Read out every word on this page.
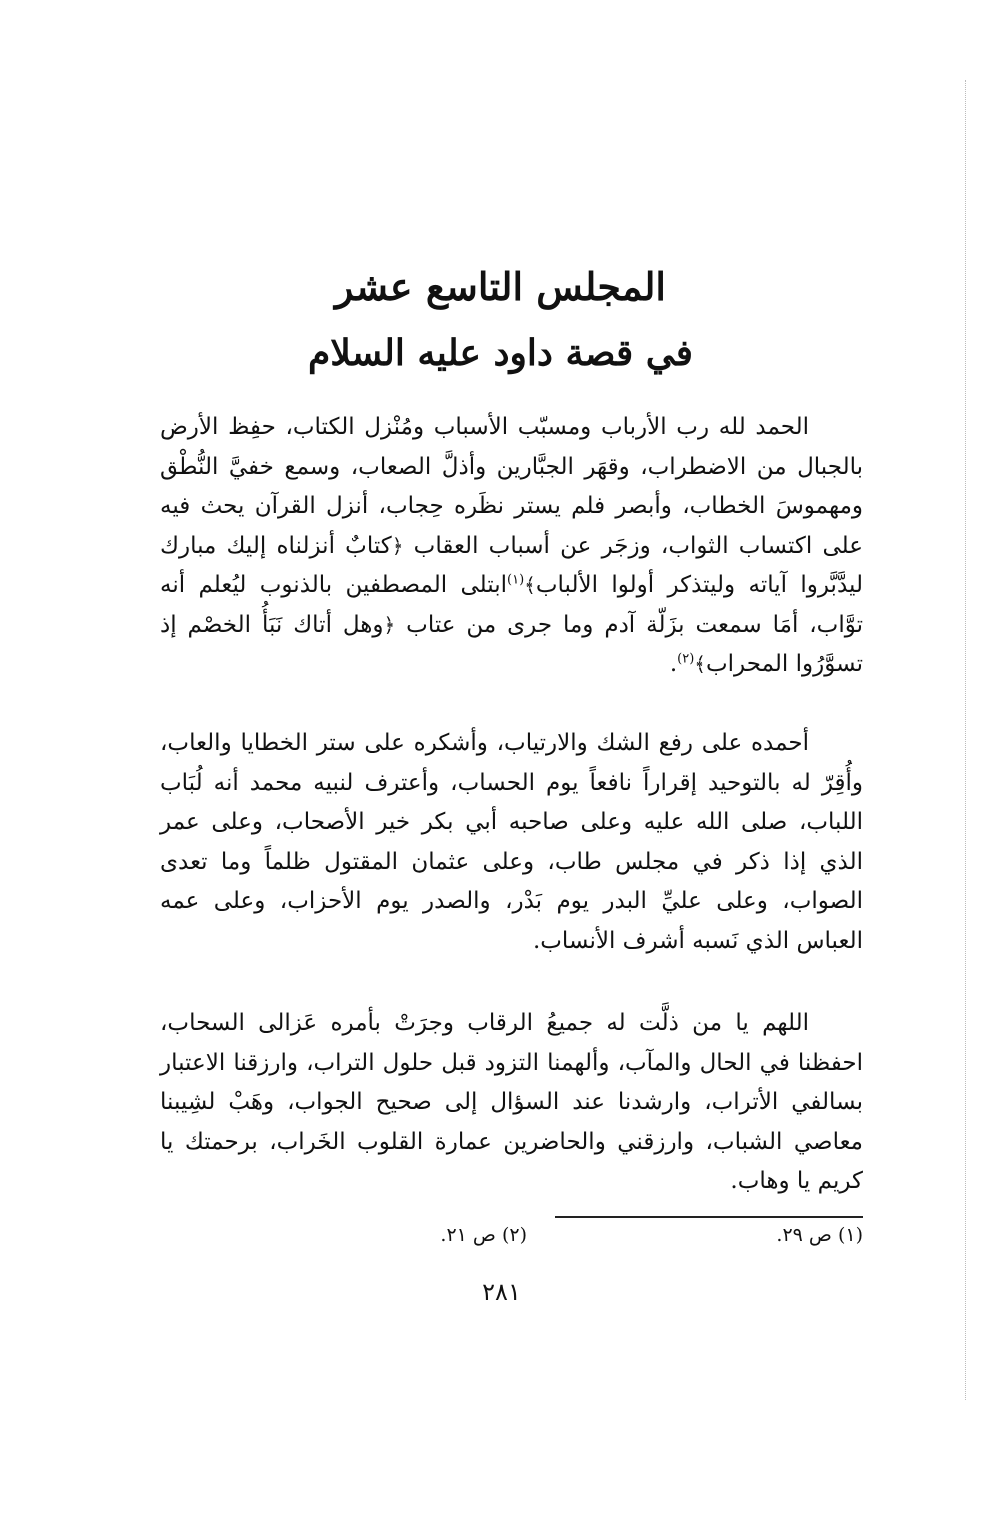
المجلس التاسع عشر
في قصة داود عليه السلام

الحمد لله رب الأرباب ومسبّب الأسباب ومُنْزل الكتاب، حفِظ الأرض بالجبال من الاضطراب، وقهَر الجبَّارين وأذلَّ الصعاب، وسمع خفيَّ النُّطْق ومهموسَ الخطاب، وأبصر فلم يستر نظَره حِجاب، أنزل القرآن يحث فيه على اكتساب الثواب، وزجَر عن أسباب العقاب ﴿كتابٌ أنزلناه إليك مبارك ليدَّبَّروا آياته وليتذكر أولوا الألباب﴾$^{(١)}$ابتلى المصطفين بالذنوب ليُعلم أنه توَّاب، أمَا سمعت بزَلّة آدم وما جرى من عتاب ﴿وهل أتاك نَبَأُ الخصْم إذ تسوَّرُوا المحراب﴾$^{(٢)}$.

أحمده على رفع الشك والارتياب، وأشكره على ستر الخطايا والعاب، وأُقِرّ له بالتوحيد إقراراً نافعاً يوم الحساب، وأعترف لنبيه محمد أنه لُبَاب اللباب، صلى الله عليه وعلى صاحبه أبي بكر خير الأصحاب، وعلى عمر الذي إذا ذكر في مجلس طاب، وعلى عثمان المقتول ظلماً وما تعدى الصواب، وعلى عليِّ البدر يوم بَدْر، والصدر يوم الأحزاب، وعلى عمه العباس الذي نَسبه أشرف الأنساب.

اللهم يا من ذلَّت له جميعُ الرقاب وجرَتْ بأمره عَزالى السحاب، احفظنا في الحال والمآب، وألهمنا التزود قبل حلول التراب، وارزقنا الاعتبار بسالفي الأتراب، وارشدنا عند السؤال إلى صحيح الجواب، وهَبْ لشِيبنا معاصي الشباب، وارزقني والحاضرين عمارة القلوب الخَراب، برحمتك يا كريم يا وهاب.

(١) ص ٢٩.
(٢) ص ٢١.
٢٨١
